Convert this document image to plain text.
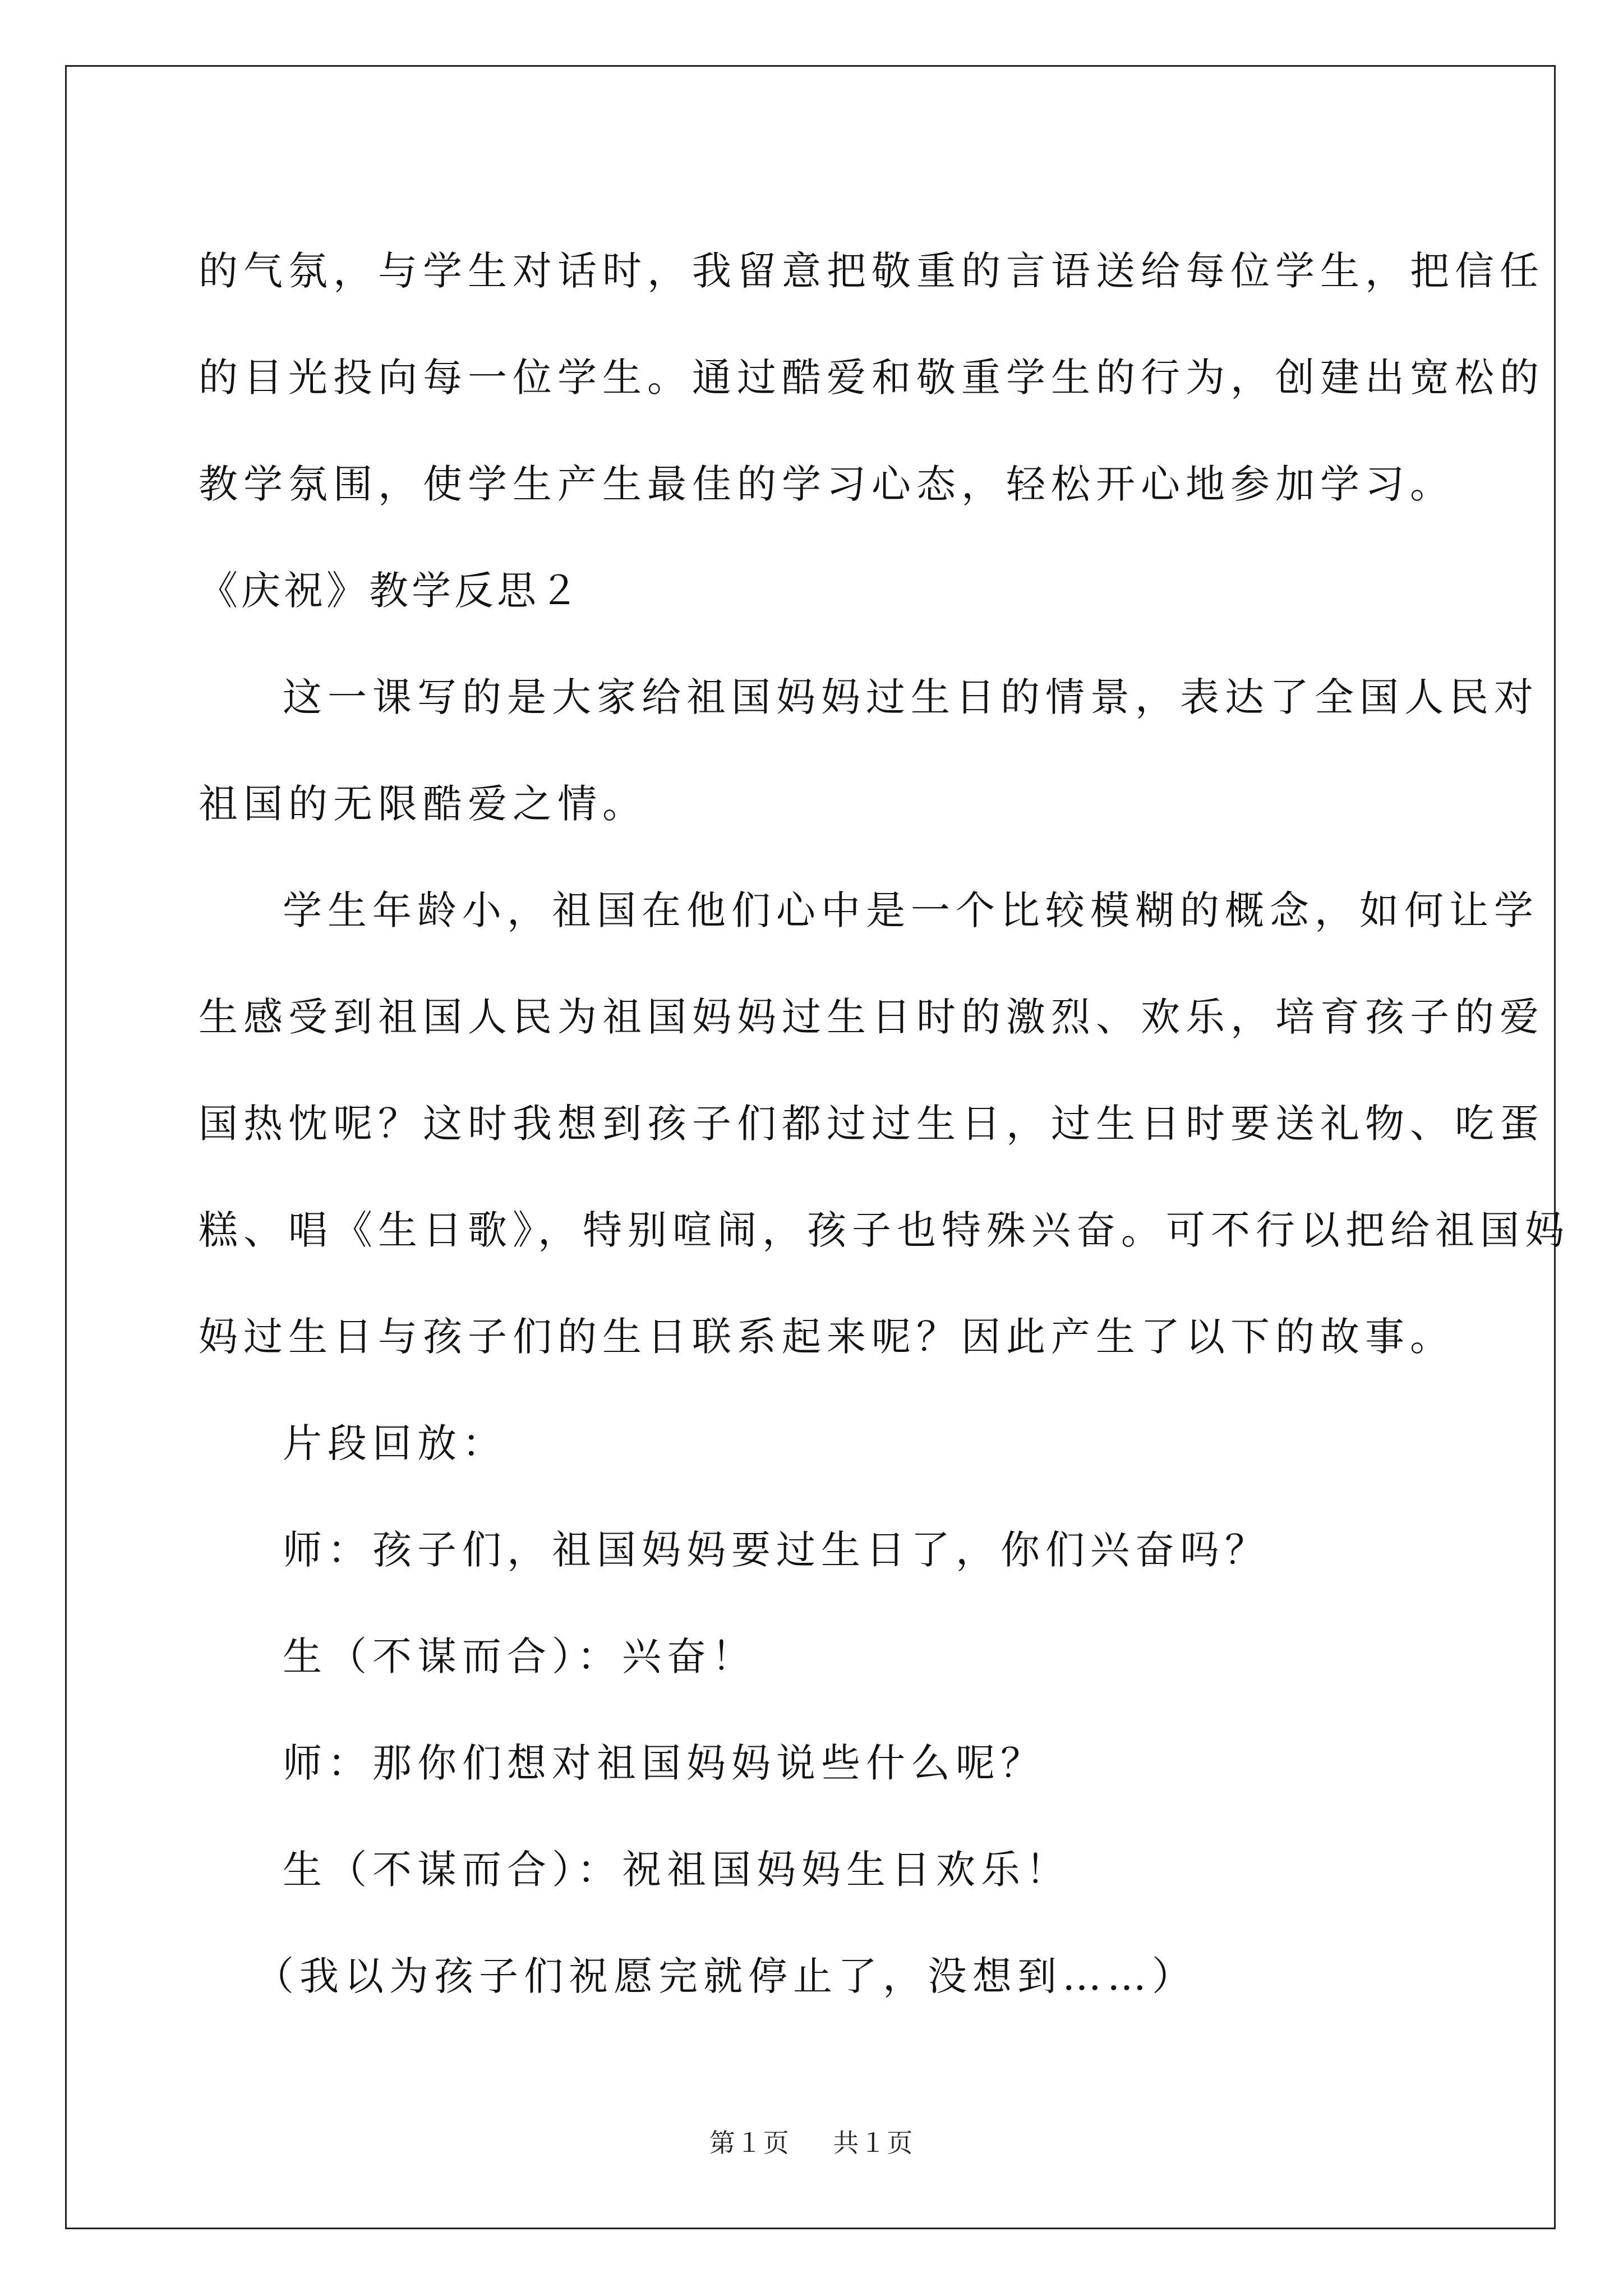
的气氛，与学生对话时，我留意把敬重的言语送给每位学生，把信任
的目光投向每一位学生。通过酷爱和敬重学生的行为，创建出宽松的
教学氛围，使学生产生最佳的学习心态，轻松开心地参加学习。
《庆祝》教学反思２
这一课写的是大家给祖国妈妈过生日的情景，表达了全国人民对
祖国的无限酷爱之情。
学生年龄小，祖国在他们心中是一个比较模糊的概念，如何让学
生感受到祖国人民为祖国妈妈过生日时的激烈、欢乐，培育孩子的爱
国热忱呢？这时我想到孩子们都过过生日，过生日时要送礼物、吃蛋
糕、唱《生日歌》，特别喧闹，孩子也特殊兴奋。可不行以把给祖国妈
妈过生日与孩子们的生日联系起来呢？因此产生了以下的故事。
片段回放：
师：孩子们，祖国妈妈要过生日了，你们兴奋吗？
生（不谋而合）：兴奋！
师：那你们想对祖国妈妈说些什么呢？
生（不谋而合）：祝祖国妈妈生日欢乐！
（我以为孩子们祝愿完就停止了，没想到……）
第１页 共１页
